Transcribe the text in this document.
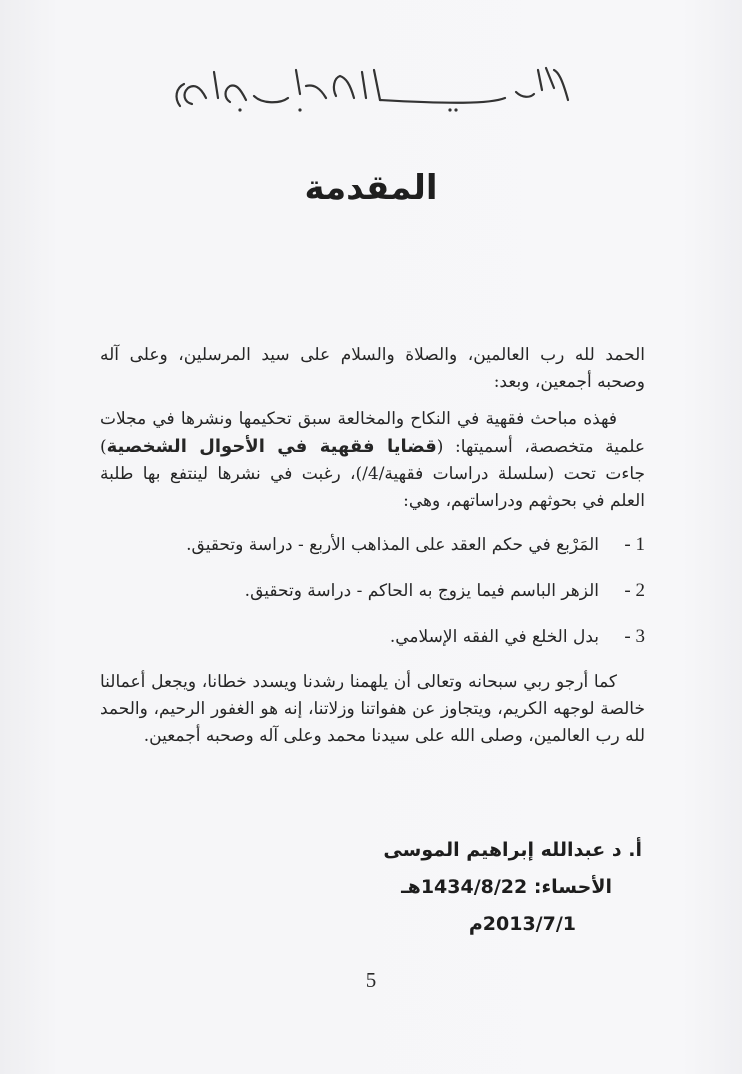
المقدمة

الحمد لله رب العالمين، والصلاة والسلام على سيد المرسلين، وعلى آله وصحبه أجمعين، وبعد:

فهذه مباحث فقهية في النكاح والمخالعة سبق تحكيمها ونشرها في مجلات علمية متخصصة، أسميتها: (قضايا فقهية في الأحوال الشخصية) جاءت تحت (سلسلة دراسات فقهية/4/)، رغبت في نشرها لينتفع بها طلبة العلم في بحوثهم ودراساتهم، وهي:

1 -
المَرْبع في حكم العقد على المذاهب الأربع - دراسة وتحقيق.
2 -
الزهر الباسم فيما يزوج به الحاكم - دراسة وتحقيق.
3 -
بدل الخلع في الفقه الإسلامي.

كما أرجو ربي سبحانه وتعالى أن يلهمنا رشدنا ويسدد خطانا، ويجعل أعمالنا خالصة لوجهه الكريم، ويتجاوز عن هفواتنا وزلاتنا، إنه هو الغفور الرحيم، والحمد لله رب العالمين، وصلى الله على سيدنا محمد وعلى آله وصحبه أجمعين.

أ. د عبدالله إبراهيم الموسى
الأحساء: 1434/8/22هـ
2013/7/1م
5
